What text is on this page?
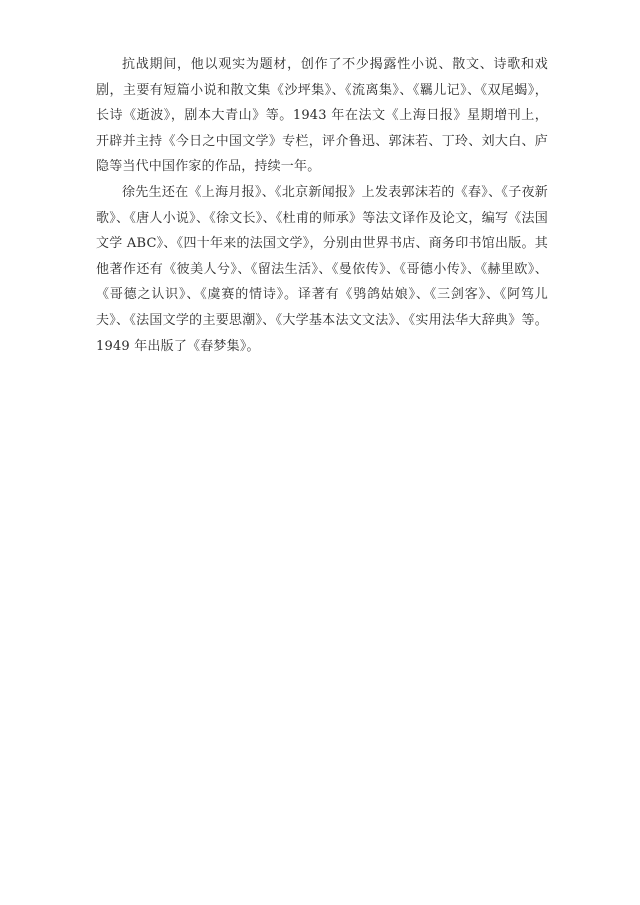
抗战期间，他以观实为题材，创作了不少揭露性小说、散文、诗歌和戏剧，主要有短篇小说和散文集《沙坪集》、《流离集》、《羈儿记》、《双尾蝎》，长诗《逝波》，剧本大青山》等。1943 年在法文《上海日报》星期增刊上，开辟并主持《今日之中国文学》专栏，评介鲁迅、郭沫若、丁玲、刘大白、庐隐等当代中国作家的作品，持续一年。

徐先生还在《上海月报》、《北京新闻报》上发表郭沫若的《春》、《子夜新歌》、《唐人小说》、《徐文长》、《杜甫的师承》等法文译作及论文，编写《法国文学 ABC》、《四十年来的法国文学》，分别由世界书店、商务印书馆出版。其他著作还有《彼美人兮》、《留法生活》、《曼依传》、《哥德小传》、《赫里欧》、《哥德之认识》、《虞赛的情诗》。译著有《鸮鸽姑娘》、《三剑客》、《阿笃儿夫》、《法国文学的主要思潮》、《大学基本法文文法》、《实用法华大辞典》等。1949 年出版了《春梦集》。
